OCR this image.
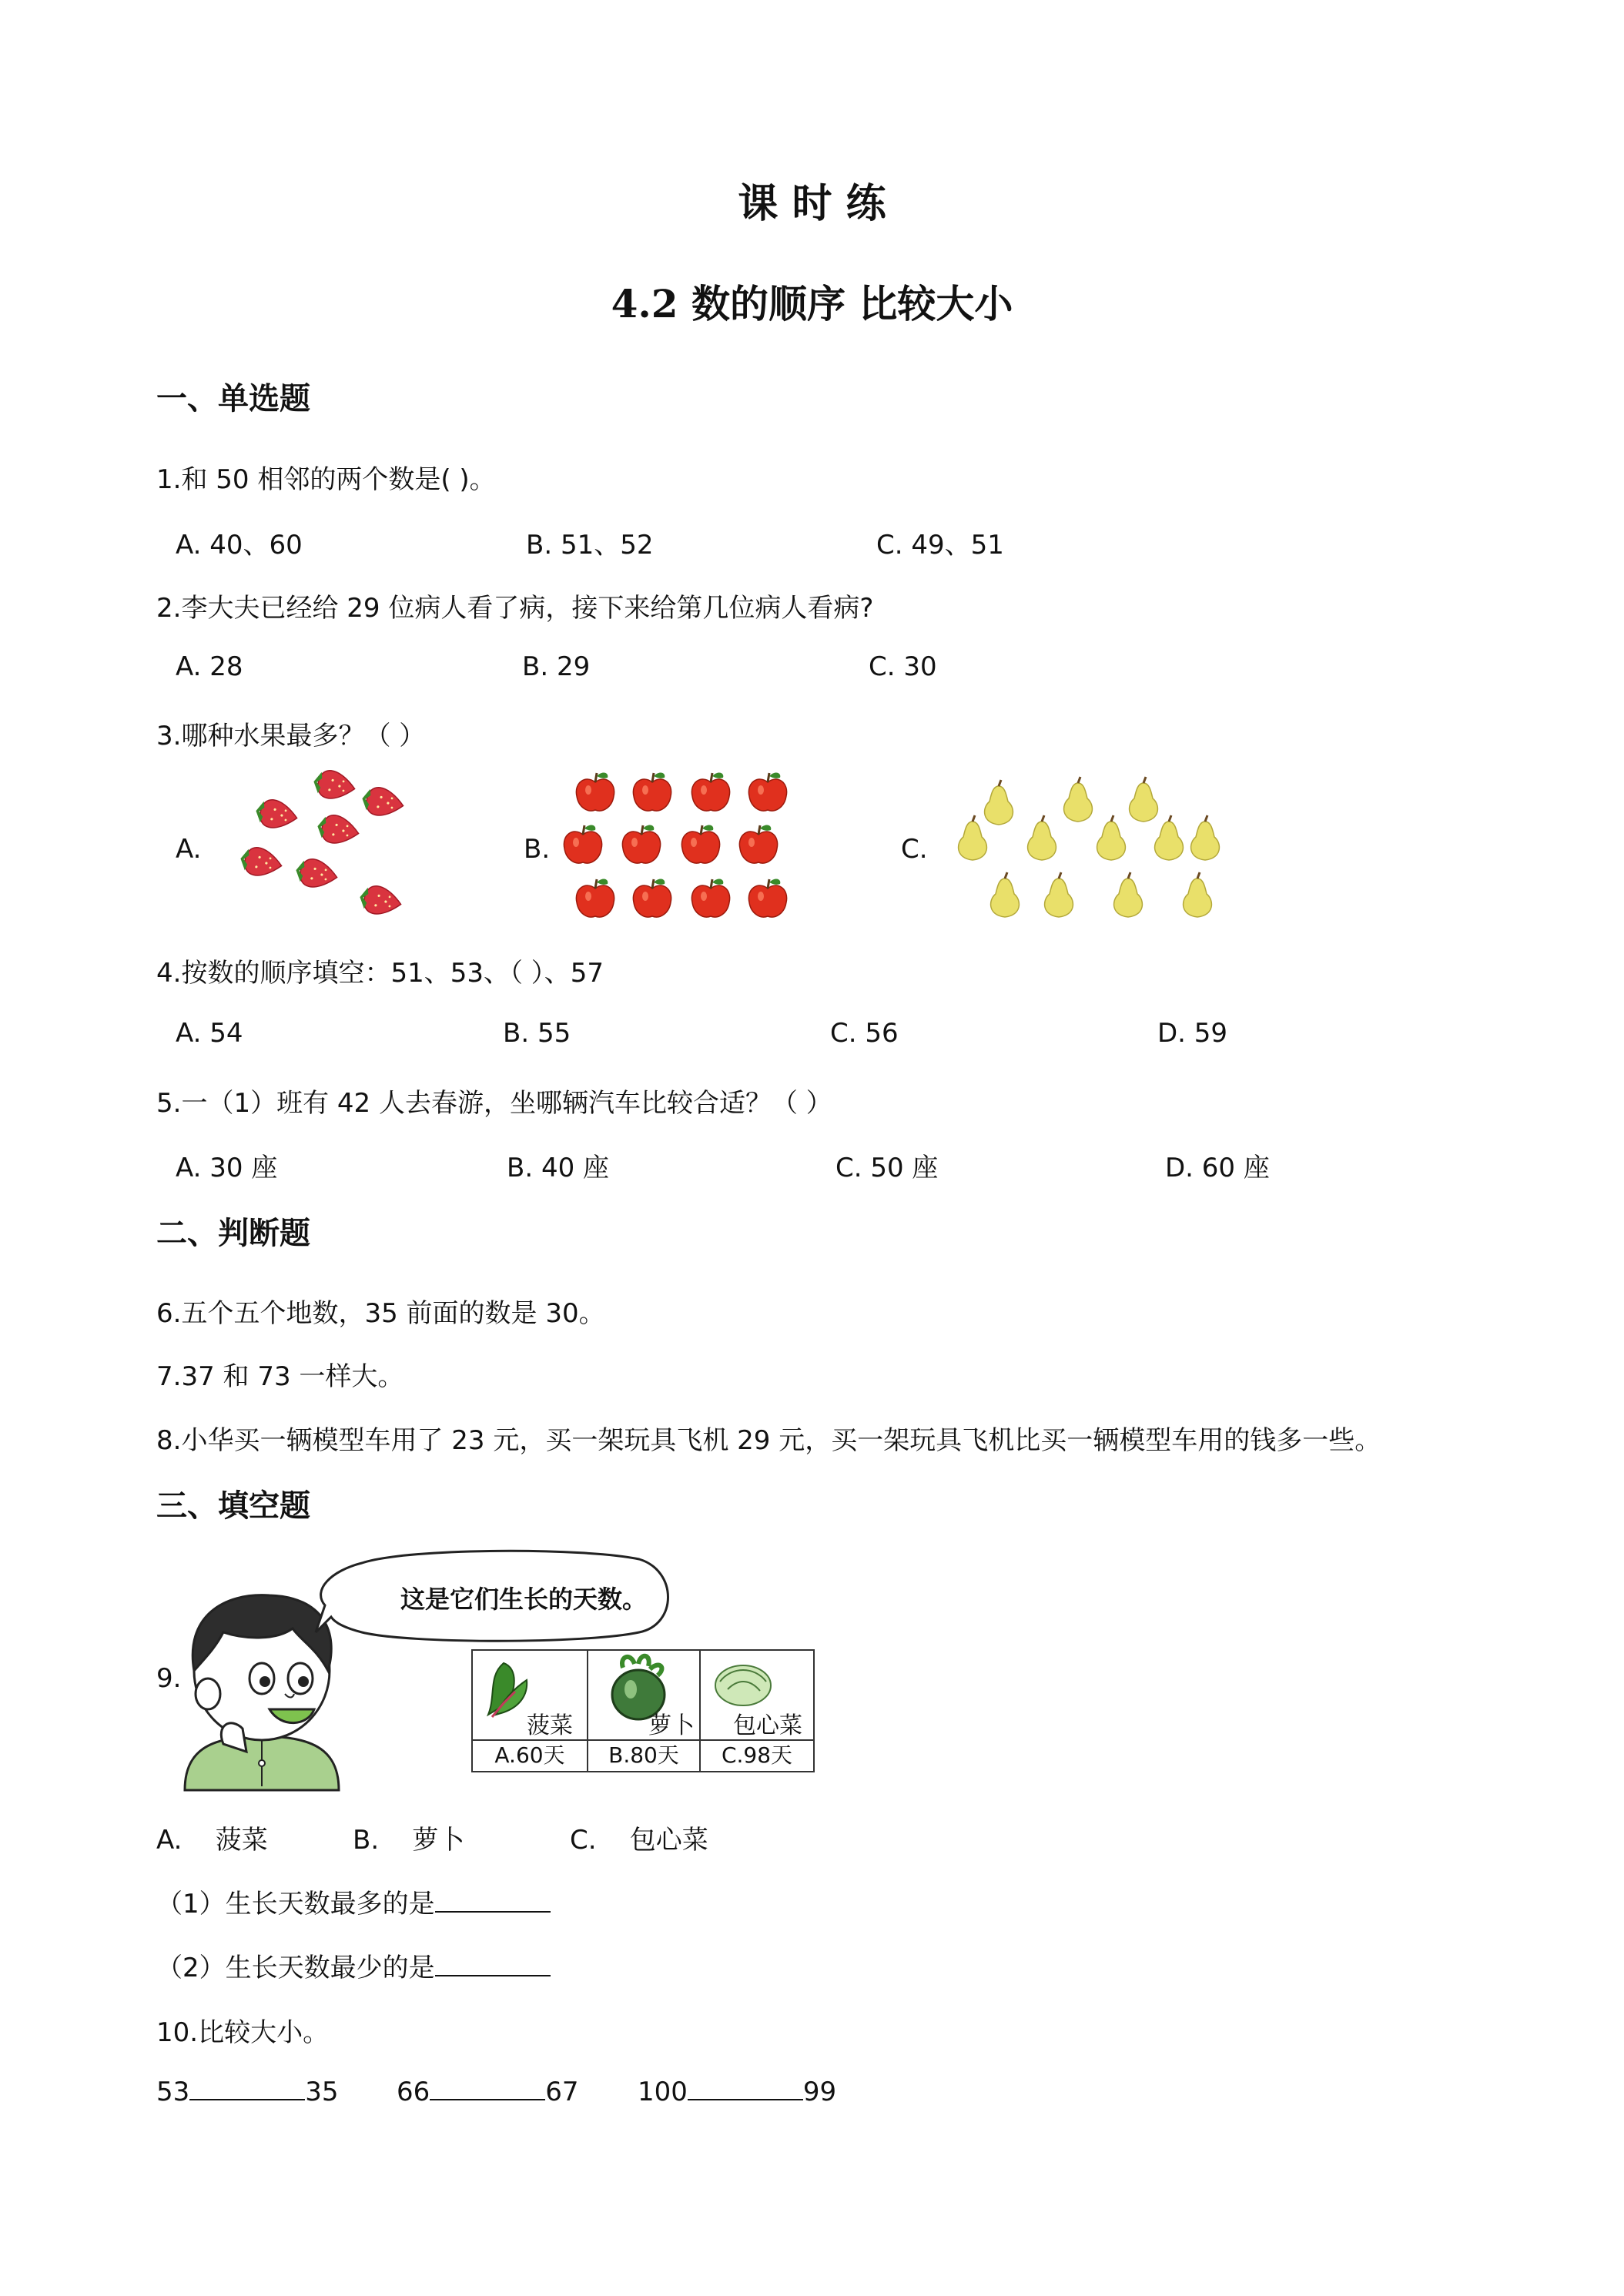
课 时 练
4.2 数的顺序 比较大小
一、单选题
1.和 50 相邻的两个数是( )。
A. 40、60	B. 51、52	C. 49、51
2.李大夫已经给 29 位病人看了病，接下来给第几位病人看病?
A. 28	B. 29	C. 30
3.哪种水果最多？（ ）
A.	B.	C.
4.按数的顺序填空：51、53、（ ）、57
A. 54	B. 55	C. 56	D. 59
5.一（1）班有 42 人去春游，坐哪辆汽车比较合适？（ ）
A. 30 座	B. 40 座	C. 50 座	D. 60 座
二、判断题
6.五个五个地数，35 前面的数是 30。
7.37 和 73 一样大。
8.小华买一辆模型车用了 23 元，买一架玩具飞机 29 元，买一架玩具飞机比买一辆模型车用的钱多一些。
三、填空题
9.
这是它们生长的天数。
菠菜	萝卜 包心菜
A.60天	B.80天	C.98天
A.    菠菜	B.    萝卜	C.    包心菜
（1）生长天数最多的是
（2）生长天数最少的是
10.比较大小。
53	35 66	67 100	99
